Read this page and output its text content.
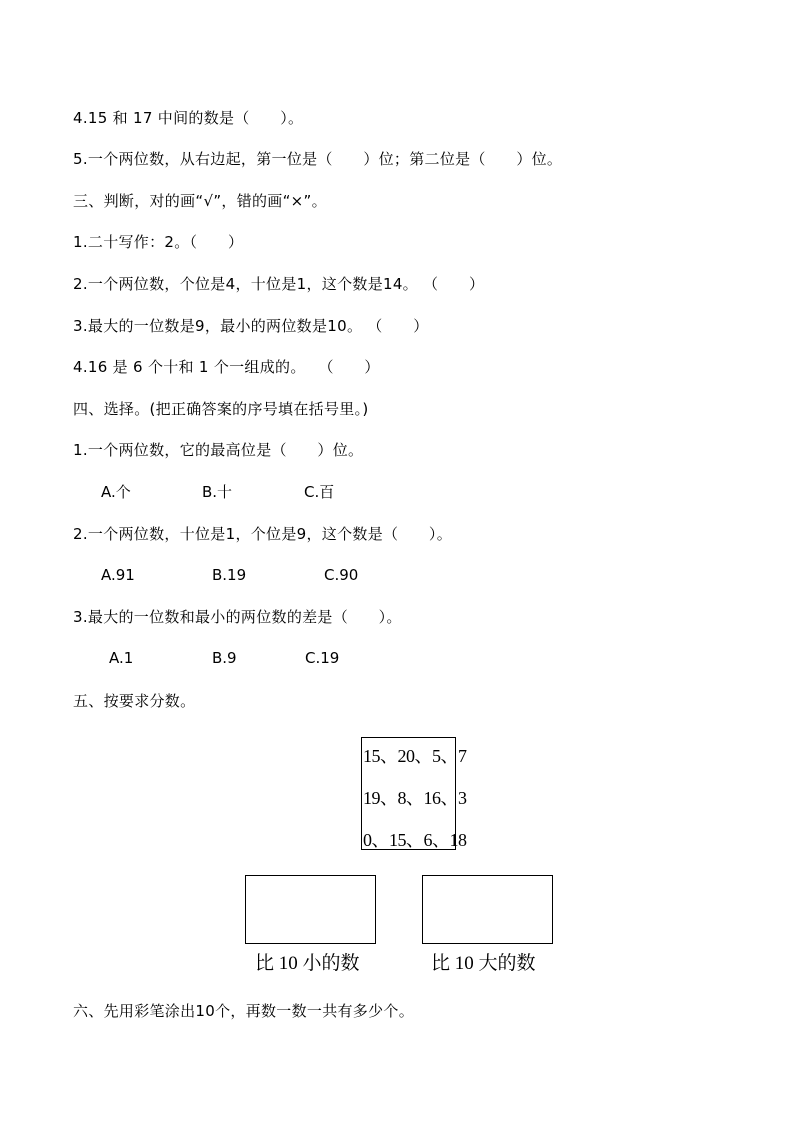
4.15 和 17 中间的数是（　　）。
5.一个两位数，从右边起，第一位是（　　）位；第二位是（　　）位。
三、判断，对的画“√”，错的画“×”。
1.二十写作：2。（　　）
2.一个两位数，个位是4，十位是1，这个数是14。 （　　）
3.最大的一位数是9，最小的两位数是10。 （　　）
4.16 是 6 个十和 1 个一组成的。　 （　　）
四、选择。(把正确答案的序号填在括号里。)
1.一个两位数，它的最高位是（　　）位。
A.个	B.十	C.百
2.一个两位数，十位是1，个位是9，这个数是（　　）。
A.91	B.19	C.90
3.最大的一位数和最小的两位数的差是（　　）。
A.1	B.9	C.19
五、按要求分数。
15、20、5、7
19、8、16、3
0、15、6、18
比 10 小的数	比 10 大的数
六、先用彩笔涂出10个，再数一数一共有多少个。
